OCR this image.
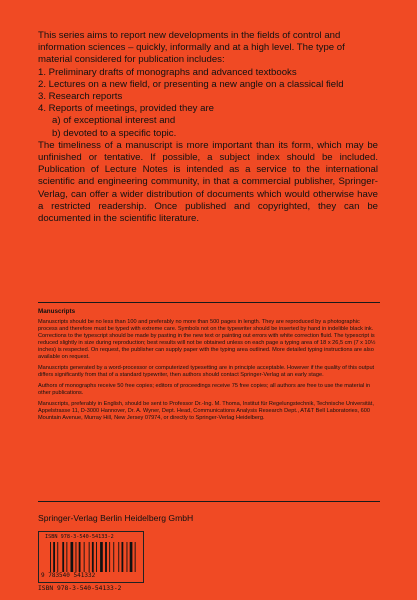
This series aims to report new developments in the fields of control and information sciences – quickly, informally and at a high level. The type of material considered for publication includes:

1. Preliminary drafts of monographs and advanced textbooks
2. Lectures on a new field, or presenting a new angle on a classical field
3. Research reports
4. Reports of meetings, provided they are
a) of exceptional interest and
b) devoted to a specific topic.

The timeliness of a manuscript is more important than its form, which may be unfinished or tentative. If possible, a subject index should be included. Publication of Lecture Notes is intended as a service to the international scientific and engineering community, in that a commercial publisher, Springer-Verlag, can offer a wider distribution of documents which would otherwise have a restricted readership. Once published and copyrighted, they can be documented in the scientific literature.

Manuscripts

Manuscripts should be no less than 100 and preferably no more than 500 pages in length. They are reproduced by a photographic process and therefore must be typed with extreme care. Symbols not on the typewriter should be inserted by hand in indelible black ink. Corrections to the typescript should be made by pasting in the new text or painting out errors with white correction fluid. The typescript is reduced slightly in size during reproduction; best results will not be obtained unless on each page a typing area of 18 x 26,5 cm (7 x 10½ inches) is respected. On request, the publisher can supply paper with the typing area outlined. More detailed typing instructions are also available on request.

Manuscripts generated by a word-processor or computerized typesetting are in principle acceptable. However if the quality of this output differs significantly from that of a standard typewriter, then authors should contact Springer-Verlag at an early stage.

Authors of monographs receive 50 free copies; editors of proceedings receive 75 free copies; all authors are free to use the material in other publications.

Manuscripts, preferably in English, should be sent to Professor Dr.-Ing. M. Thoma, Institut für Regelungstechnik, Technische Universität, Appelstrasse 11, D-3000 Hannover, Dr. A. Wyner, Dept. Head, Communications Analysis Research Dept., AT&T Bell Laboratories, 600 Mountain Avenue, Murray Hill, New Jersey 07974, or directly to Springer-Verlag Heidelberg.

Springer-Verlag Berlin Heidelberg GmbH
ISBN 978-3-540-54133-2
9 783540 541332
ISBN 978-3-540-54133-2
